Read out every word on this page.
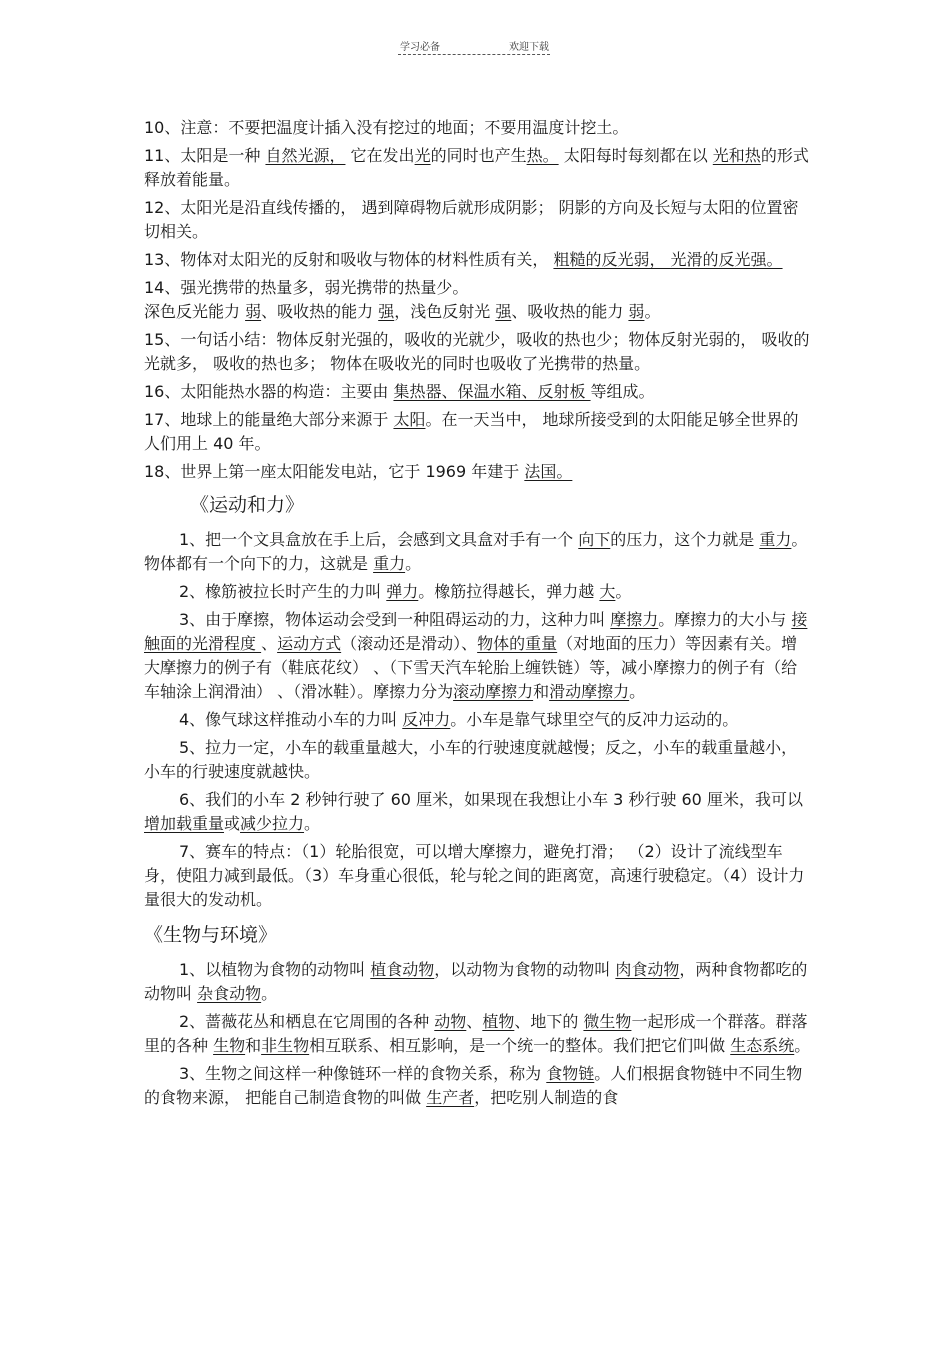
学习必备	欢迎下载

10、注意：不要把温度计插入没有挖过的地面；不要用温度计挖土。

11、太阳是一种 自然光源， 它在发出光的同时也产生热。 太阳每时每刻都在以 光和热的形式释放着能量。

12、太阳光是沿直线传播的， 遇到障碍物后就形成阴影； 阴影的方向及长短与太阳的位置密切相关。

13、物体对太阳光的反射和吸收与物体的材料性质有关， 粗糙的反光弱， 光滑的反光强。

14、强光携带的热量多，弱光携带的热量少。

深色反光能力 弱、吸收热的能力 强，浅色反射光 强、吸收热的能力 弱。

15、一句话小结：物体反射光强的，吸收的光就少，吸收的热也少；物体反射光弱的， 吸收的光就多， 吸收的热也多； 物体在吸收光的同时也吸收了光携带的热量。

16、太阳能热水器的构造：主要由 集热器、保温水箱、反射板 等组成。

17、地球上的能量绝大部分来源于 太阳。在一天当中， 地球所接受到的太阳能足够全世界的人们用上 40 年。

18、世界上第一座太阳能发电站，它于 1969 年建于 法国。

《运动和力》

1、把一个文具盒放在手上后，会感到文具盒对手有一个 向下的压力，这个力就是 重力。物体都有一个向下的力，这就是 重力。

2、橡筋被拉长时产生的力叫 弹力。橡筋拉得越长，弹力越 大。

3、由于摩擦，物体运动会受到一种阻碍运动的力，这种力叫 摩擦力。摩擦力的大小与 接触面的光滑程度 、运动方式（滚动还是滑动）、物体的重量（对地面的压力）等因素有关。增大摩擦力的例子有（鞋底花纹） 、（下雪天汽车轮胎上缠铁链）等，减小摩擦力的例子有（给车轴涂上润滑油） 、（滑冰鞋）。摩擦力分为滚动摩擦力和滑动摩擦力。

4、像气球这样推动小车的力叫 反冲力。小车是靠气球里空气的反冲力运动的。

5、拉力一定，小车的载重量越大，小车的行驶速度就越慢；反之，小车的载重量越小，小车的行驶速度就越快。

6、我们的小车 2 秒钟行驶了 60 厘米，如果现在我想让小车 3 秒行驶 60 厘米，我可以 增加载重量或减少拉力。

7、赛车的特点：（1）轮胎很宽，可以增大摩擦力，避免打滑； （2）设计了流线型车身，使阻力减到最低。（3）车身重心很低，轮与轮之间的距离宽，高速行驶稳定。（4）设计力量很大的发动机。

《生物与环境》

1、以植物为食物的动物叫 植食动物，以动物为食物的动物叫 肉食动物，两种食物都吃的动物叫 杂食动物。

2、蔷薇花丛和栖息在它周围的各种 动物、植物、地下的 微生物一起形成一个群落。群落里的各种 生物和非生物相互联系、相互影响，是一个统一的整体。我们把它们叫做 生态系统。

3、生物之间这样一种像链环一样的食物关系，称为 食物链。人们根据食物链中不同生物的食物来源， 把能自己制造食物的叫做 生产者，把吃别人制造的食
